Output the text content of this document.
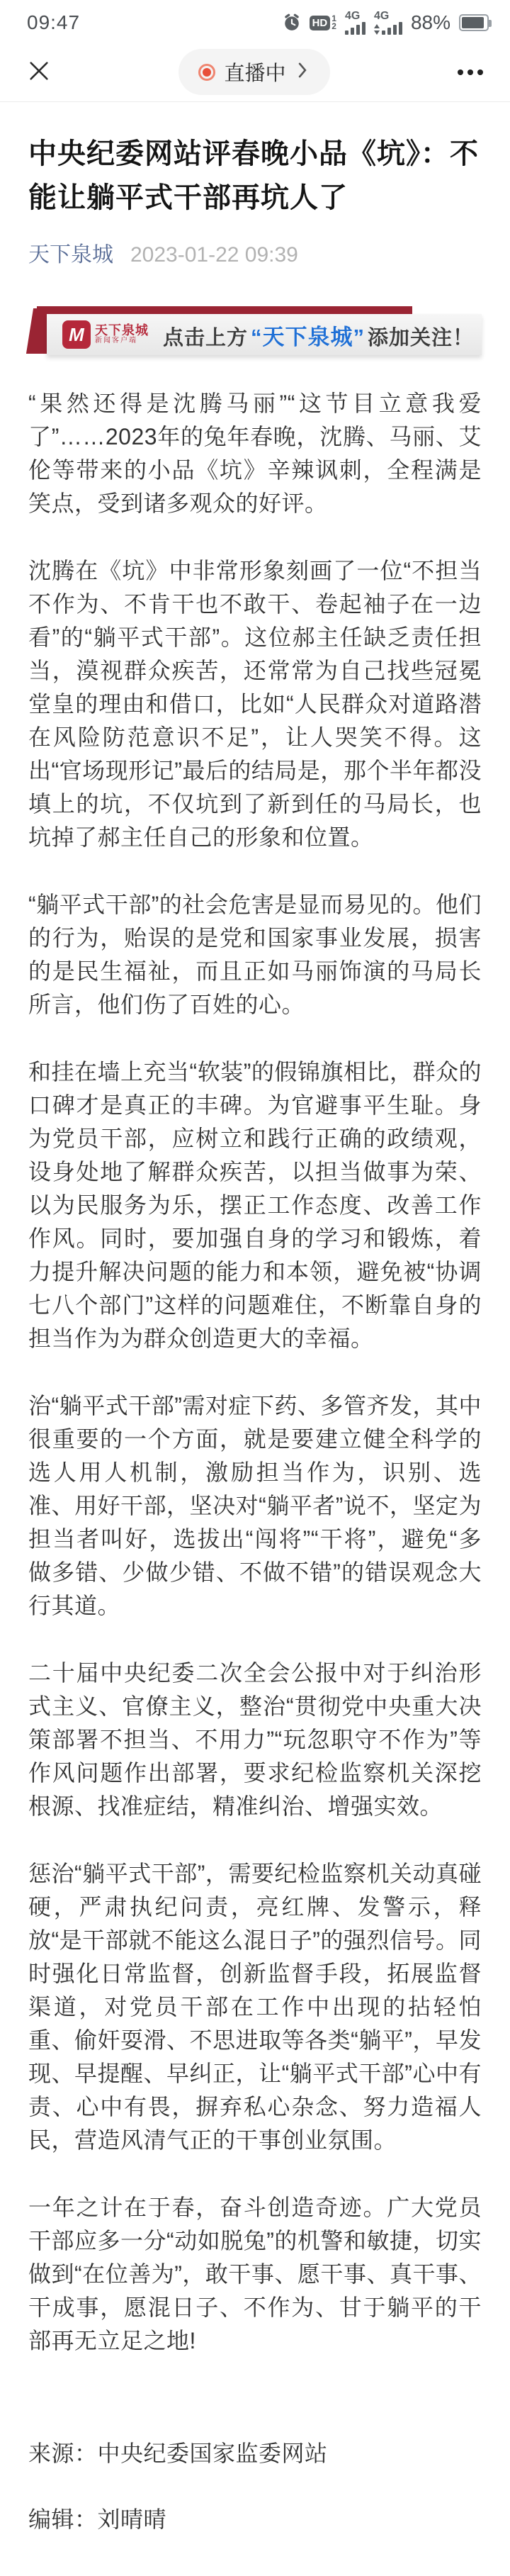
09:47	HD 1
2
4G 4G 88%
直播中
中央纪委网站评春晚小品《坑》：不能让躺平式干部再坑人了
天下泉城 2023-01-22 09:39
M 天下泉城
新闻客户端	点击上方 “天下泉城” 添加关注！

“果然还得是沈腾马丽”“这节目立意我爱了”……2023年的兔年春晚，沈腾、马丽、艾伦等带来的小品《坑》辛辣讽刺，全程满是笑点，受到诸多观众的好评。

沈腾在《坑》中非常形象刻画了一位“不担当不作为、不肯干也不敢干、卷起袖子在一边看”的“躺平式干部”。这位郝主任缺乏责任担当，漠视群众疾苦，还常常为自己找些冠冕堂皇的理由和借口，比如“人民群众对道路潜在风险防范意识不足”，让人哭笑不得。这出“官场现形记”最后的结局是，那个半年都没填上的坑，不仅坑到了新到任的马局长，也坑掉了郝主任自己的形象和位置。

“躺平式干部”的社会危害是显而易见的。他们的行为，贻误的是党和国家事业发展，损害的是民生福祉，而且正如马丽饰演的马局长所言，他们伤了百姓的心。

和挂在墙上充当“软装”的假锦旗相比，群众的口碑才是真正的丰碑。为官避事平生耻。身为党员干部，应树立和践行正确的政绩观，设身处地了解群众疾苦，以担当做事为荣、以为民服务为乐，摆正工作态度、改善工作作风。同时，要加强自身的学习和锻炼，着力提升解决问题的能力和本领，避免被“协调七八个部门”这样的问题难住，不断靠自身的担当作为为群众创造更大的幸福。

治“躺平式干部”需对症下药、多管齐发，其中很重要的一个方面，就是要建立健全科学的选人用人机制，激励担当作为，识别、选准、用好干部，坚决对“躺平者”说不，坚定为担当者叫好，选拔出“闯将”“干将”，避免“多做多错、少做少错、不做不错”的错误观念大行其道。

二十届中央纪委二次全会公报中对于纠治形式主义、官僚主义，整治“贯彻党中央重大决策部署不担当、不用力”“玩忽职守不作为”等作风问题作出部署，要求纪检监察机关深挖根源、找准症结，精准纠治、增强实效。

惩治“躺平式干部”，需要纪检监察机关动真碰硬，严肃执纪问责，亮红牌、发警示，释放“是干部就不能这么混日子”的强烈信号。同时强化日常监督，创新监督手段，拓展监督渠道，对党员干部在工作中出现的拈轻怕重、偷奸耍滑、不思进取等各类“躺平”，早发现、早提醒、早纠正，让“躺平式干部”心中有责、心中有畏，摒弃私心杂念、努力造福人民，营造风清气正的干事创业氛围。

一年之计在于春，奋斗创造奇迹。广大党员干部应多一分“动如脱兔”的机警和敏捷，切实做到“在位善为”，敢干事、愿干事、真干事、干成事，愿混日子、不作为、甘于躺平的干部再无立足之地!

来源：中央纪委国家监委网站

编辑：刘晴晴
